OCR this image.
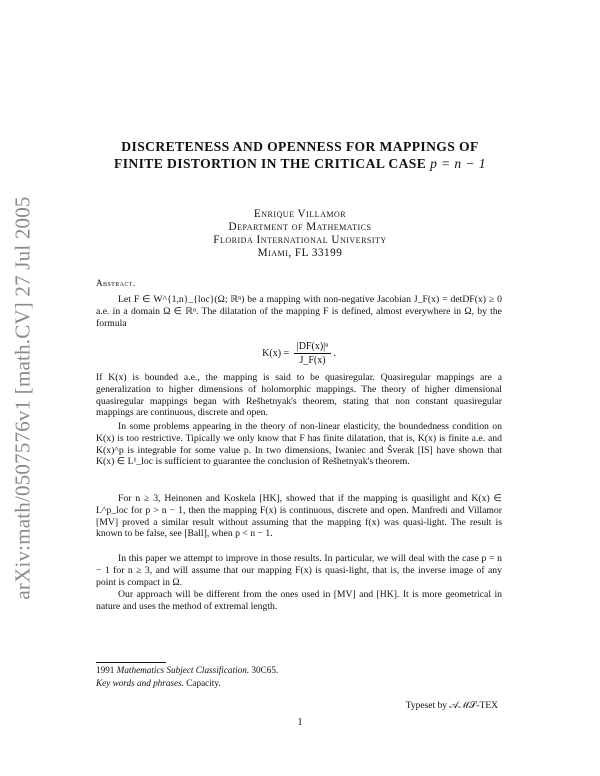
arXiv:math/0507576v1 [math.CV] 27 Jul 2005
DISCRETENESS AND OPENNESS FOR MAPPINGS OF
FINITE DISTORTION IN THE CRITICAL CASE p = n − 1
Enrique Villamor
Department of Mathematics
Florida International University
Miami, FL 33199
Abstract.

Let F ∈ W^{1,n}_{loc}(Ω; ℝⁿ) be a mapping with non-negative Jacobian J_F(x) = detDF(x) ≥ 0 a.e. in a domain Ω ∈ ℝⁿ. The dilatation of the mapping F is defined, almost everywhere in Ω, by the formula

$K(x) = \frac{\text{|DF(x)|ⁿ}}{J\_F(x)}$ .

If K(x) is bounded a.e., the mapping is said to be quasiregular. Quasiregular mappings are a generalization to higher dimensions of holomorphic mappings. The theory of higher dimensional quasiregular mappings began with Rešhetnyak's theorem, stating that non constant quasiregular mappings are continuous, discrete and open.

In some problems appearing in the theory of non-linear elasticity, the boundedness condition on K(x) is too restrictive. Tipically we only know that F has finite dilatation, that is, K(x) is finite a.e. and K(x)^p is integrable for some value p. In two dimensions, Iwaniec and Šverak [IS] have shown that K(x) ∈ L¹_loc is sufficient to guarantee the conclusion of Rešhetnyak's theorem.

For n ≥ 3, Heinonen and Koskela [HK], showed that if the mapping is quasilight and K(x) ∈ L^p_loc for p > n − 1, then the mapping F(x) is continuous, discrete and open. Manfredi and Villamor [MV] proved a similar result without assuming that the mapping f(x) was quasi-light. The result is known to be false, see [Ball], when p < n − 1.

In this paper we attempt to improve in those results. In particular, we will deal with the case p = n − 1 for n ≥ 3, and will assume that our mapping F(x) is quasi-light, that is, the inverse image of any point is compact in Ω.

Our approach will be different from the ones used in [MV] and [HK]. It is more geometrical in nature and uses the method of extremal length.

1991 Mathematics Subject Classification. 30C65.
Key words and phrases. Capacity.
Typeset by 𝒜ℳ𝒮-TEX
1
